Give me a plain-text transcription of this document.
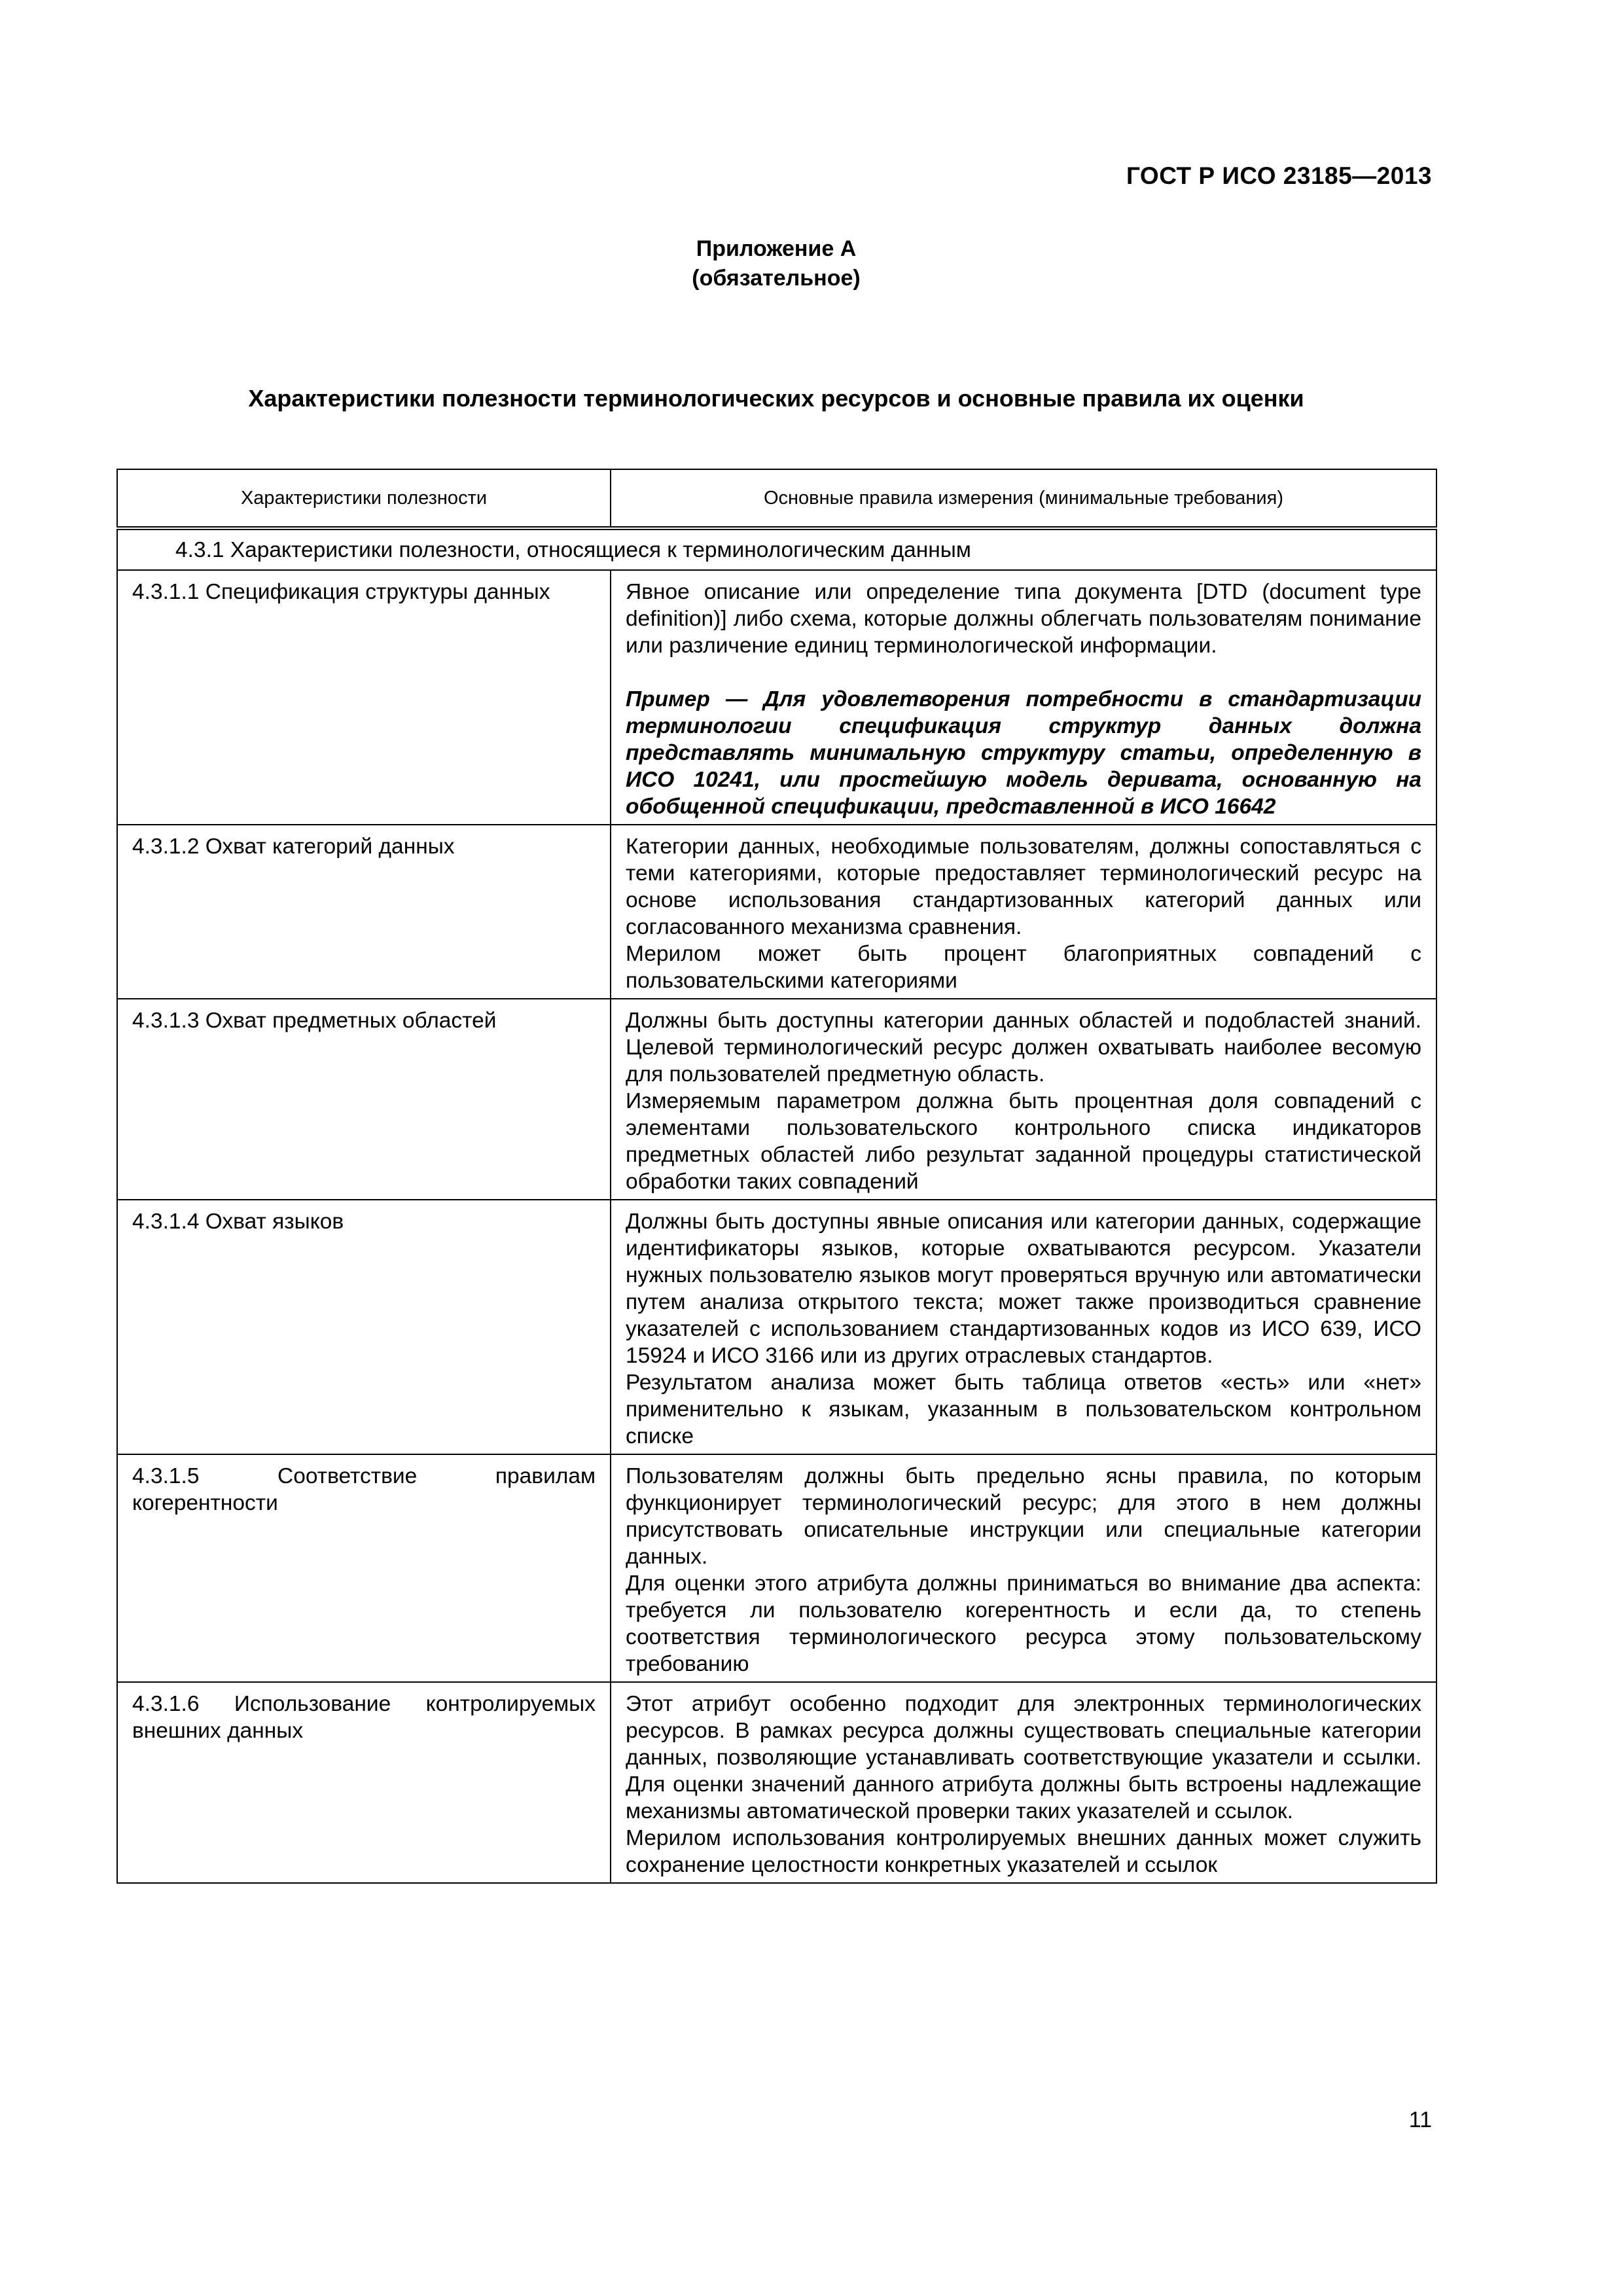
ГОСТ Р ИСО 23185—2013
Приложение А
(обязательное)
Характеристики полезности терминологических ресурсов и основные правила их оценки
Характеристики полезности	Основные правила измерения (минимальные требования)
4.3.1 Характеристики полезности, относящиеся к терминологическим данным	
4.3.1.1 Спецификация структуры данных	Явное описание или определение типа документа [DTD (document type definition)] либо схема, которые должны облегчать пользователям понимание или различение единиц терминологической информации.

Пример — Для удовлетворения потребности в стандартизации терминологии спецификация структур данных должна представлять минимальную структуру статьи, определенную в ИСО 10241, или простейшую модель деривата, основанную на обобщенной спецификации, представленной в ИСО 16642

4.3.1.2 Охват категорий данных	Категории данных, необходимые пользователям, должны сопоставляться с теми категориями, которые предоставляет терминологический ресурс на основе использования стандартизованных категорий данных или согласованного механизма сравнения.

Мерилом может быть процент благоприятных совпадений с пользовательскими категориями

4.3.1.3 Охват предметных областей	Должны быть доступны категории данных областей и подобластей знаний. Целевой терминологический ресурс должен охватывать наиболее весомую для пользователей предметную область.

Измеряемым параметром должна быть процентная доля совпадений с элементами пользовательского контрольного списка индикаторов предметных областей либо результат заданной процедуры статистической обработки таких совпадений

4.3.1.4 Охват языков	Должны быть доступны явные описания или категории данных, содержащие идентификаторы языков, которые охватываются ресурсом. Указатели нужных пользователю языков могут проверяться вручную или автоматически путем анализа открытого текста; может также производиться сравнение указателей с использованием стандартизованных кодов из ИСО 639, ИСО 15924 и ИСО 3166 или из других отраслевых стандартов.

Результатом анализа может быть таблица ответов «есть» или «нет» применительно к языкам, указанным в пользовательском контрольном списке

4.3.1.5 Соответствие правилам когерентности	Пользователям должны быть предельно ясны правила, по которым функционирует терминологический ресурс; для этого в нем должны присутствовать описательные инструкции или специальные категории данных.

Для оценки этого атрибута должны приниматься во внимание два аспекта: требуется ли пользователю когерентность и если да, то степень соответствия терминологического ресурса этому пользовательскому требованию

4.3.1.6 Использование контролируемых внешних данных	Этот атрибут особенно подходит для электронных терминологических ресурсов. В рамках ресурса должны существовать специальные категории данных, позволяющие устанавливать соответствующие указатели и ссылки. Для оценки значений данного атрибута должны быть встроены надлежащие механизмы автоматической проверки таких указателей и ссылок.

Мерилом использования контролируемых внешних данных может служить сохранение целостности конкретных указателей и ссылок

11
